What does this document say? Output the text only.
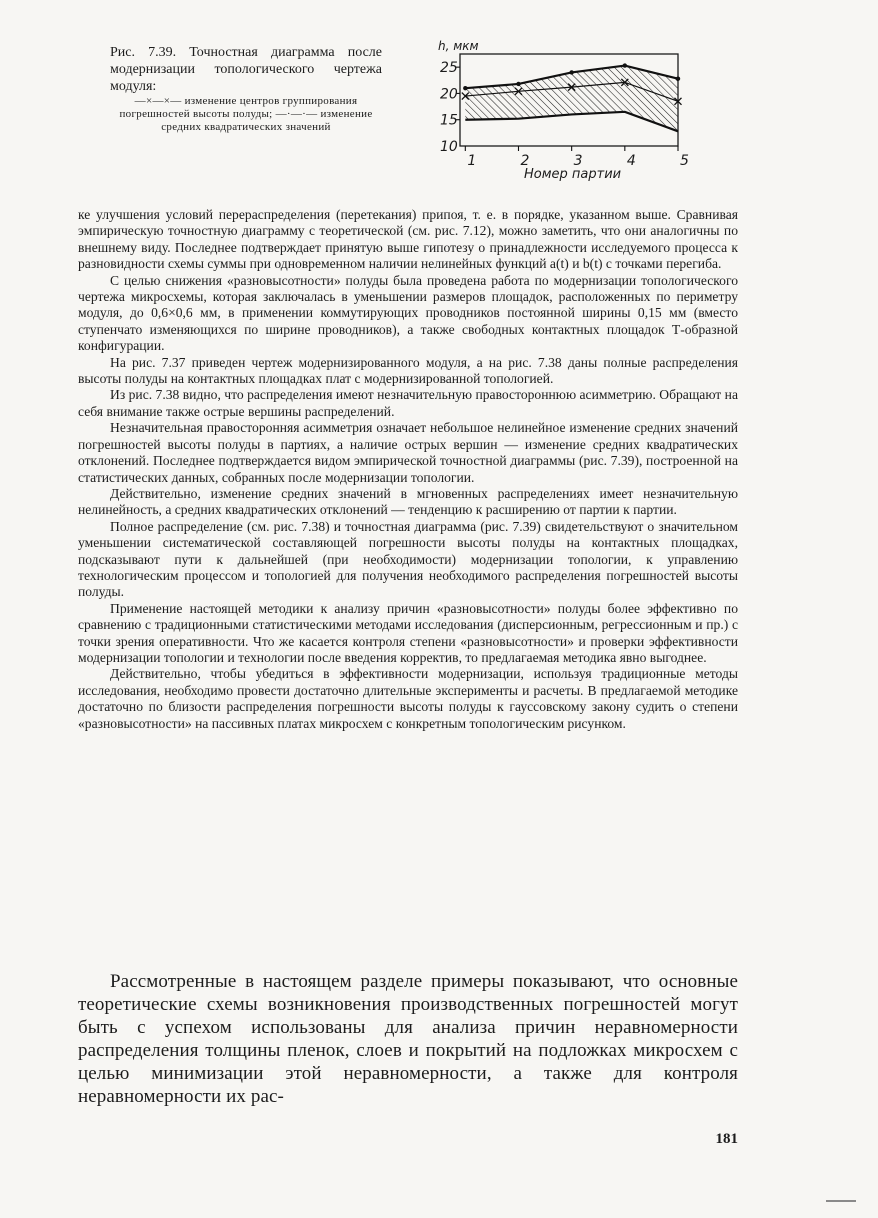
Рис. 7.39. Точностная диаграмма после модернизации топологического чертежа модуля:
—×—×— изменение центров группирования погрешностей высоты полуды; —·—·— изменение средних квадратических значений
1	2	3	4	5
10
15
20
25
h, мкм
Номер партии

ке улучшения условий перераспределения (перетекания) припоя, т. е. в порядке, указанном выше. Сравнивая эмпирическую точностную диаграмму с теоретической (см. рис. 7.12), можно заметить, что они аналогичны по внешнему виду. Последнее подтверждает принятую выше гипотезу о принадлежности исследуемого процесса к разновидности схемы суммы при одновременном наличии нелинейных функций a(t) и b(t) с точками перегиба.

С целью снижения «разновысотности» полуды была проведена работа по модернизации топологического чертежа микросхемы, которая заключалась в уменьшении размеров площадок, расположенных по периметру модуля, до 0,6×0,6 мм, в применении коммутирующих проводников постоянной ширины 0,15 мм (вместо ступенчато изменяющихся по ширине проводников), а также свободных контактных площадок Т-образной конфигурации.

На рис. 7.37 приведен чертеж модернизированного модуля, а на рис. 7.38 даны полные распределения высоты полуды на контактных площадках плат с модернизированной топологией.

Из рис. 7.38 видно, что распределения имеют незначительную правостороннюю асимметрию. Обращают на себя внимание также острые вершины распределений.

Незначительная правосторонняя асимметрия означает небольшое нелинейное изменение средних значений погрешностей высоты полуды в партиях, а наличие острых вершин — изменение средних квадратических отклонений. Последнее подтверждается видом эмпирической точностной диаграммы (рис. 7.39), построенной на статистических данных, собранных после модернизации топологии.

Действительно, изменение средних значений в мгновенных распределениях имеет незначительную нелинейность, а средних квадратических отклонений — тенденцию к расширению от партии к партии.

Полное распределение (см. рис. 7.38) и точностная диаграмма (рис. 7.39) свидетельствуют о значительном уменьшении систематической составляющей погрешности высоты полуды на контактных площадках, подсказывают пути к дальнейшей (при необходимости) модернизации топологии, к управлению технологическим процессом и топологией для получения необходимого распределения погрешностей высоты полуды.

Применение настоящей методики к анализу причин «разновысотности» полуды более эффективно по сравнению с традиционными статистическими методами исследования (дисперсионным, регрессионным и пр.) с точки зрения оперативности. Что же касается контроля степени «разновысотности» и проверки эффективности модернизации топологии и технологии после введения корректив, то предлагаемая методика явно выгоднее.

Действительно, чтобы убедиться в эффективности модернизации, используя традиционные методы исследования, необходимо провести достаточно длительные эксперименты и расчеты. В предлагаемой методике достаточно по близости распределения погрешности высоты полуды к гауссовскому закону судить о степени «разновысотности» на пассивных платах микросхем с конкретным топологическим рисунком.

Рассмотренные в настоящем разделе примеры показывают, что основные теоретические схемы возникновения производственных погрешностей могут быть с успехом использованы для анализа причин неравномерности распределения толщины пленок, слоев и покрытий на подложках микросхем с целью минимизации этой неравномерности, а также для контроля неравномерности их рас-

181
